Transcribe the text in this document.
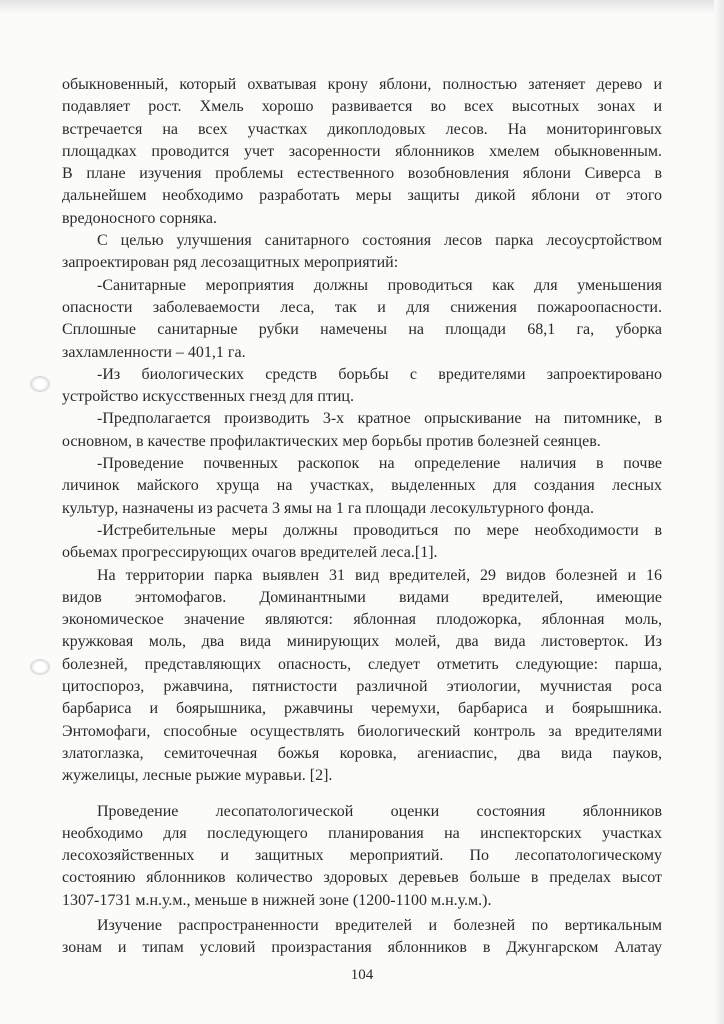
обыкновенный, который охватывая крону яблони, полностью затеняет дерево и
подавляет рост. Хмель хорошо развивается во всех высотных зонах и
встречается на всех участках дикоплодовых лесов. На мониторинговых
площадках проводится учет засоренности яблонников хмелем обыкновенным.
В плане изучения проблемы естественного возобновления яблони Сиверса в
дальнейшем необходимо разработать меры защиты дикой яблони от этого
вредоносного сорняка.
С целью улучшения санитарного состояния лесов парка лесоусртойством
запроектирован ряд лесозащитных мероприятий:
-Санитарные мероприятия должны проводиться как для уменьшения
опасности заболеваемости леса, так и для снижения пожароопасности.
Сплошные санитарные рубки намечены на площади 68,1 га, уборка
захламленности – 401,1 га.
-Из биологических средств борьбы с вредителями запроектировано
устройство искусственных гнезд для птиц.
-Предполагается производить 3-х кратное опрыскивание на питомнике, в
основном, в качестве профилактических мер борьбы против болезней сеянцев.
-Проведение почвенных раскопок на определение наличия в почве
личинок майского хруща на участках, выделенных для создания лесных
культур, назначены из расчета 3 ямы на 1 га площади лесокультурного фонда.
-Истребительные меры должны проводиться по мере необходимости в
обьемах прогрессирующих очагов вредителей леса.[1].
На территории парка выявлен 31 вид вредителей, 29 видов болезней и 16
видов энтомофагов. Доминантными видами вредителей, имеющие
экономическое значение являются: яблонная плодожорка, яблонная моль,
кружковая моль, два вида минирующих молей, два вида листоверток. Из
болезней, представляющих опасность, следует отметить следующие: парша,
цитоспороз, ржавчина, пятнистости различной этиологии, мучнистая роса
барбариса и боярышника, ржавчины черемухи, барбариса и боярышника.
Энтомофаги, способные осуществлять биологический контроль за вредителями
златоглазка, семиточечная божья коровка, агениаспис, два вида пауков,
жужелицы, лесные рыжие муравьи. [2].
Проведение лесопатологической оценки состояния яблонников
необходимо для последующего планирования на инспекторских участках
лесохозяйственных и защитных мероприятий. По лесопатологическому
состоянию яблонников количество здоровых деревьев больше в пределах высот
1307-1731 м.н.у.м., меньше в нижней зоне (1200-1100 м.н.у.м.).
Изучение распространенности вредителей и болезней по вертикальным
зонам и типам условий произрастания яблонников в Джунгарском Алатау
104
